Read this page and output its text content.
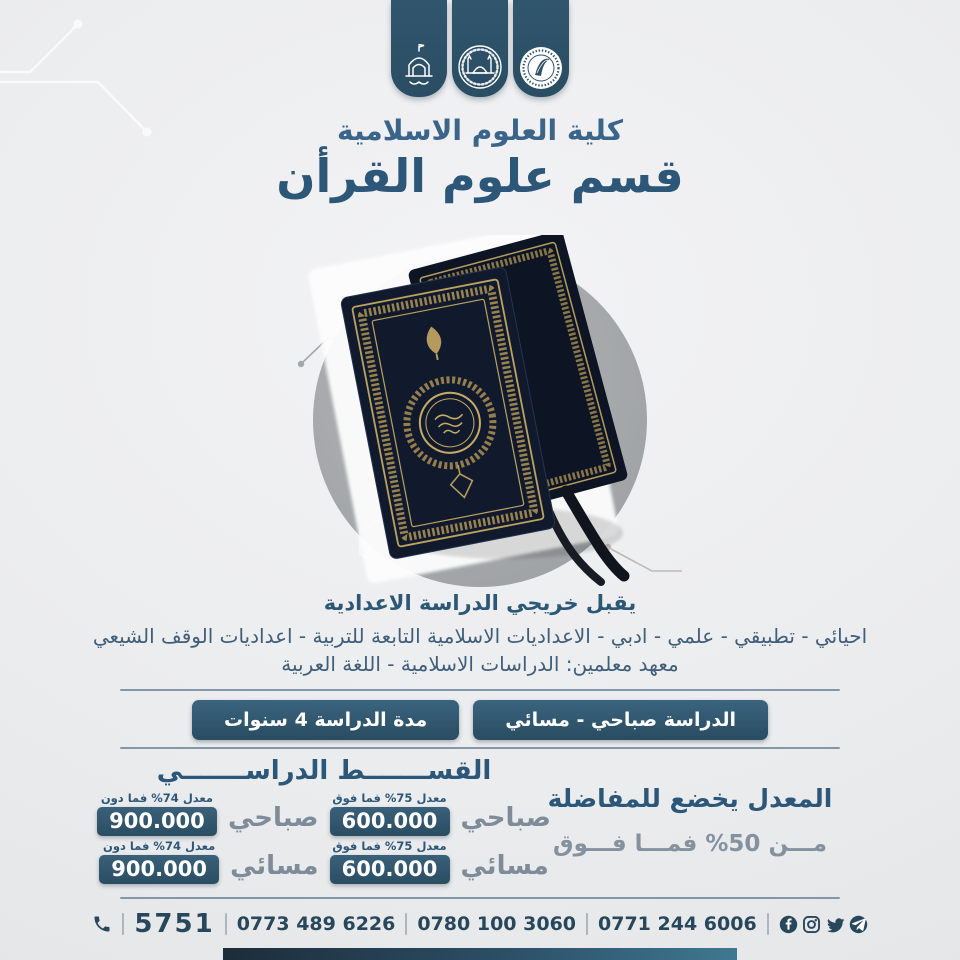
كلية العلوم الاسلامية
قسم علوم القرأن
يقبل خريجي الدراسة الاعدادية
احيائي - تطبيقي - علمي - ادبي - الاعداديات الاسلامية التابعة للتربية - اعداديات الوقف الشيعي
معهد معلمين: الدراسات الاسلامية - اللغة العربية
الدراسة صباحي - مسائي
مدة الدراسة 4 سنوات
المعدل يخضع للمفاضلة
مـــن 50% فمـــا فـــوق
القســـــــط الدراســـــــي
صباحي
معدل 75% فما فوق
600.000
صباحي
معدل 74% فما دون
900.000
مسائي
معدل 75% فما فوق
600.000
مسائي
معدل 74% فما دون
900.000
5751 0773 489 6226 0780 100 3060 0771 244 6006
